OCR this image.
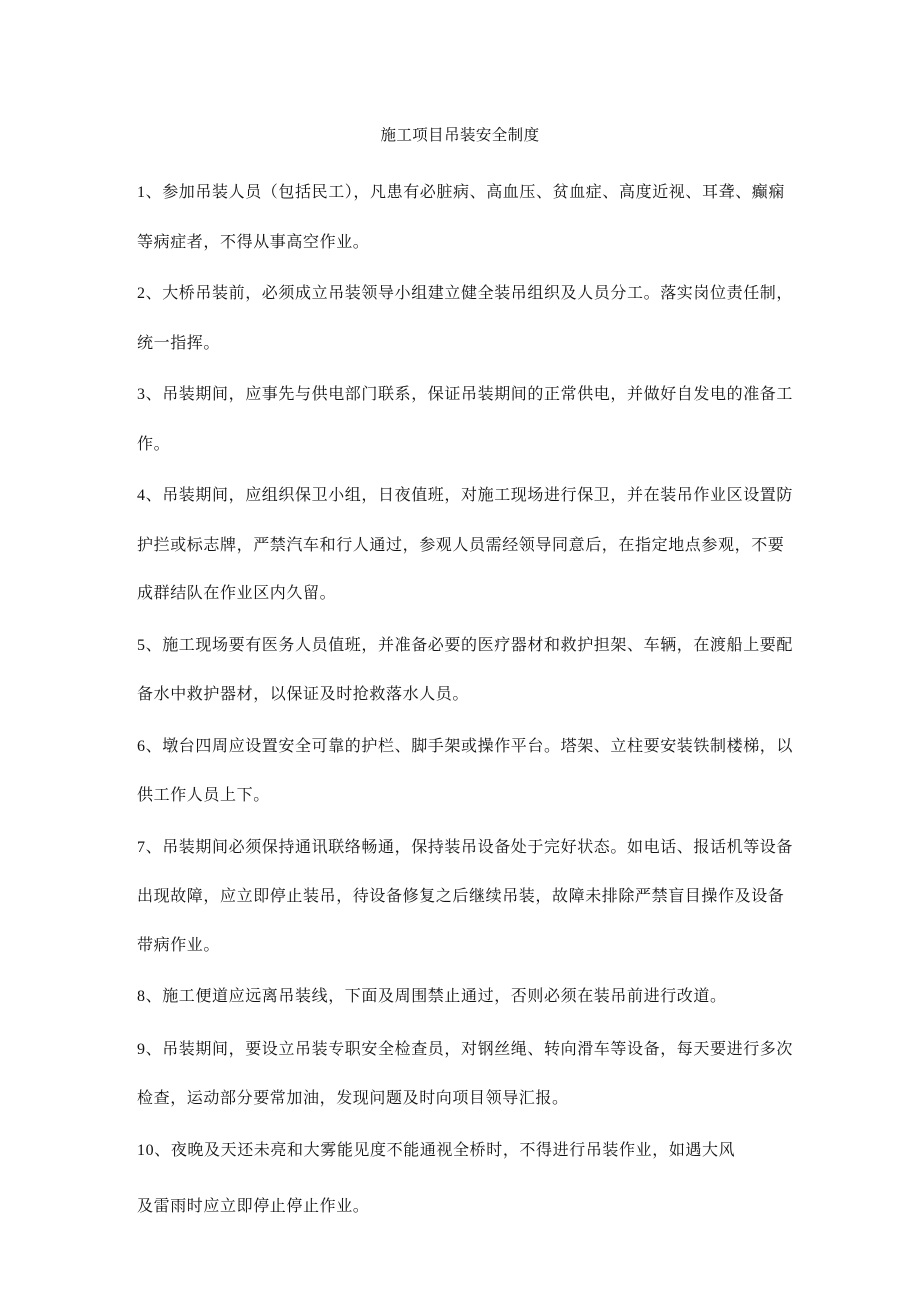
施工项目吊装安全制度
1、参加吊装人员（包括民工），凡患有必脏病、高血压、贫血症、高度近视、耳聋、癫痫等病症者，不得从事高空作业。
2、大桥吊装前，必须成立吊装领导小组建立健全装吊组织及人员分工。落实岗位责任制，统一指挥。
3、吊装期间，应事先与供电部门联系，保证吊装期间的正常供电，并做好自发电的准备工作。
4、吊装期间，应组织保卫小组，日夜值班，对施工现场进行保卫，并在装吊作业区设置防护拦或标志牌，严禁汽车和行人通过，参观人员需经领导同意后，在指定地点参观，不要成群结队在作业区内久留。
5、施工现场要有医务人员值班，并准备必要的医疗器材和救护担架、车辆，在渡船上要配备水中救护器材，以保证及时抢救落水人员。
6、墩台四周应设置安全可靠的护栏、脚手架或操作平台。塔架、立柱要安装铁制楼梯，以供工作人员上下。
7、吊装期间必须保持通讯联络畅通，保持装吊设备处于完好状态。如电话、报话机等设备出现故障，应立即停止装吊，待设备修复之后继续吊装，故障未排除严禁盲目操作及设备带病作业。
8、施工便道应远离吊装线，下面及周围禁止通过，否则必须在装吊前进行改道。
9、吊装期间，要设立吊装专职安全检查员，对钢丝绳、转向滑车等设备，每天要进行多次检查，运动部分要常加油，发现问题及时向项目领导汇报。
10、夜晚及天还未亮和大雾能见度不能通视全桥时，不得进行吊装作业，如遇大风及雷雨时应立即停止停止作业。
